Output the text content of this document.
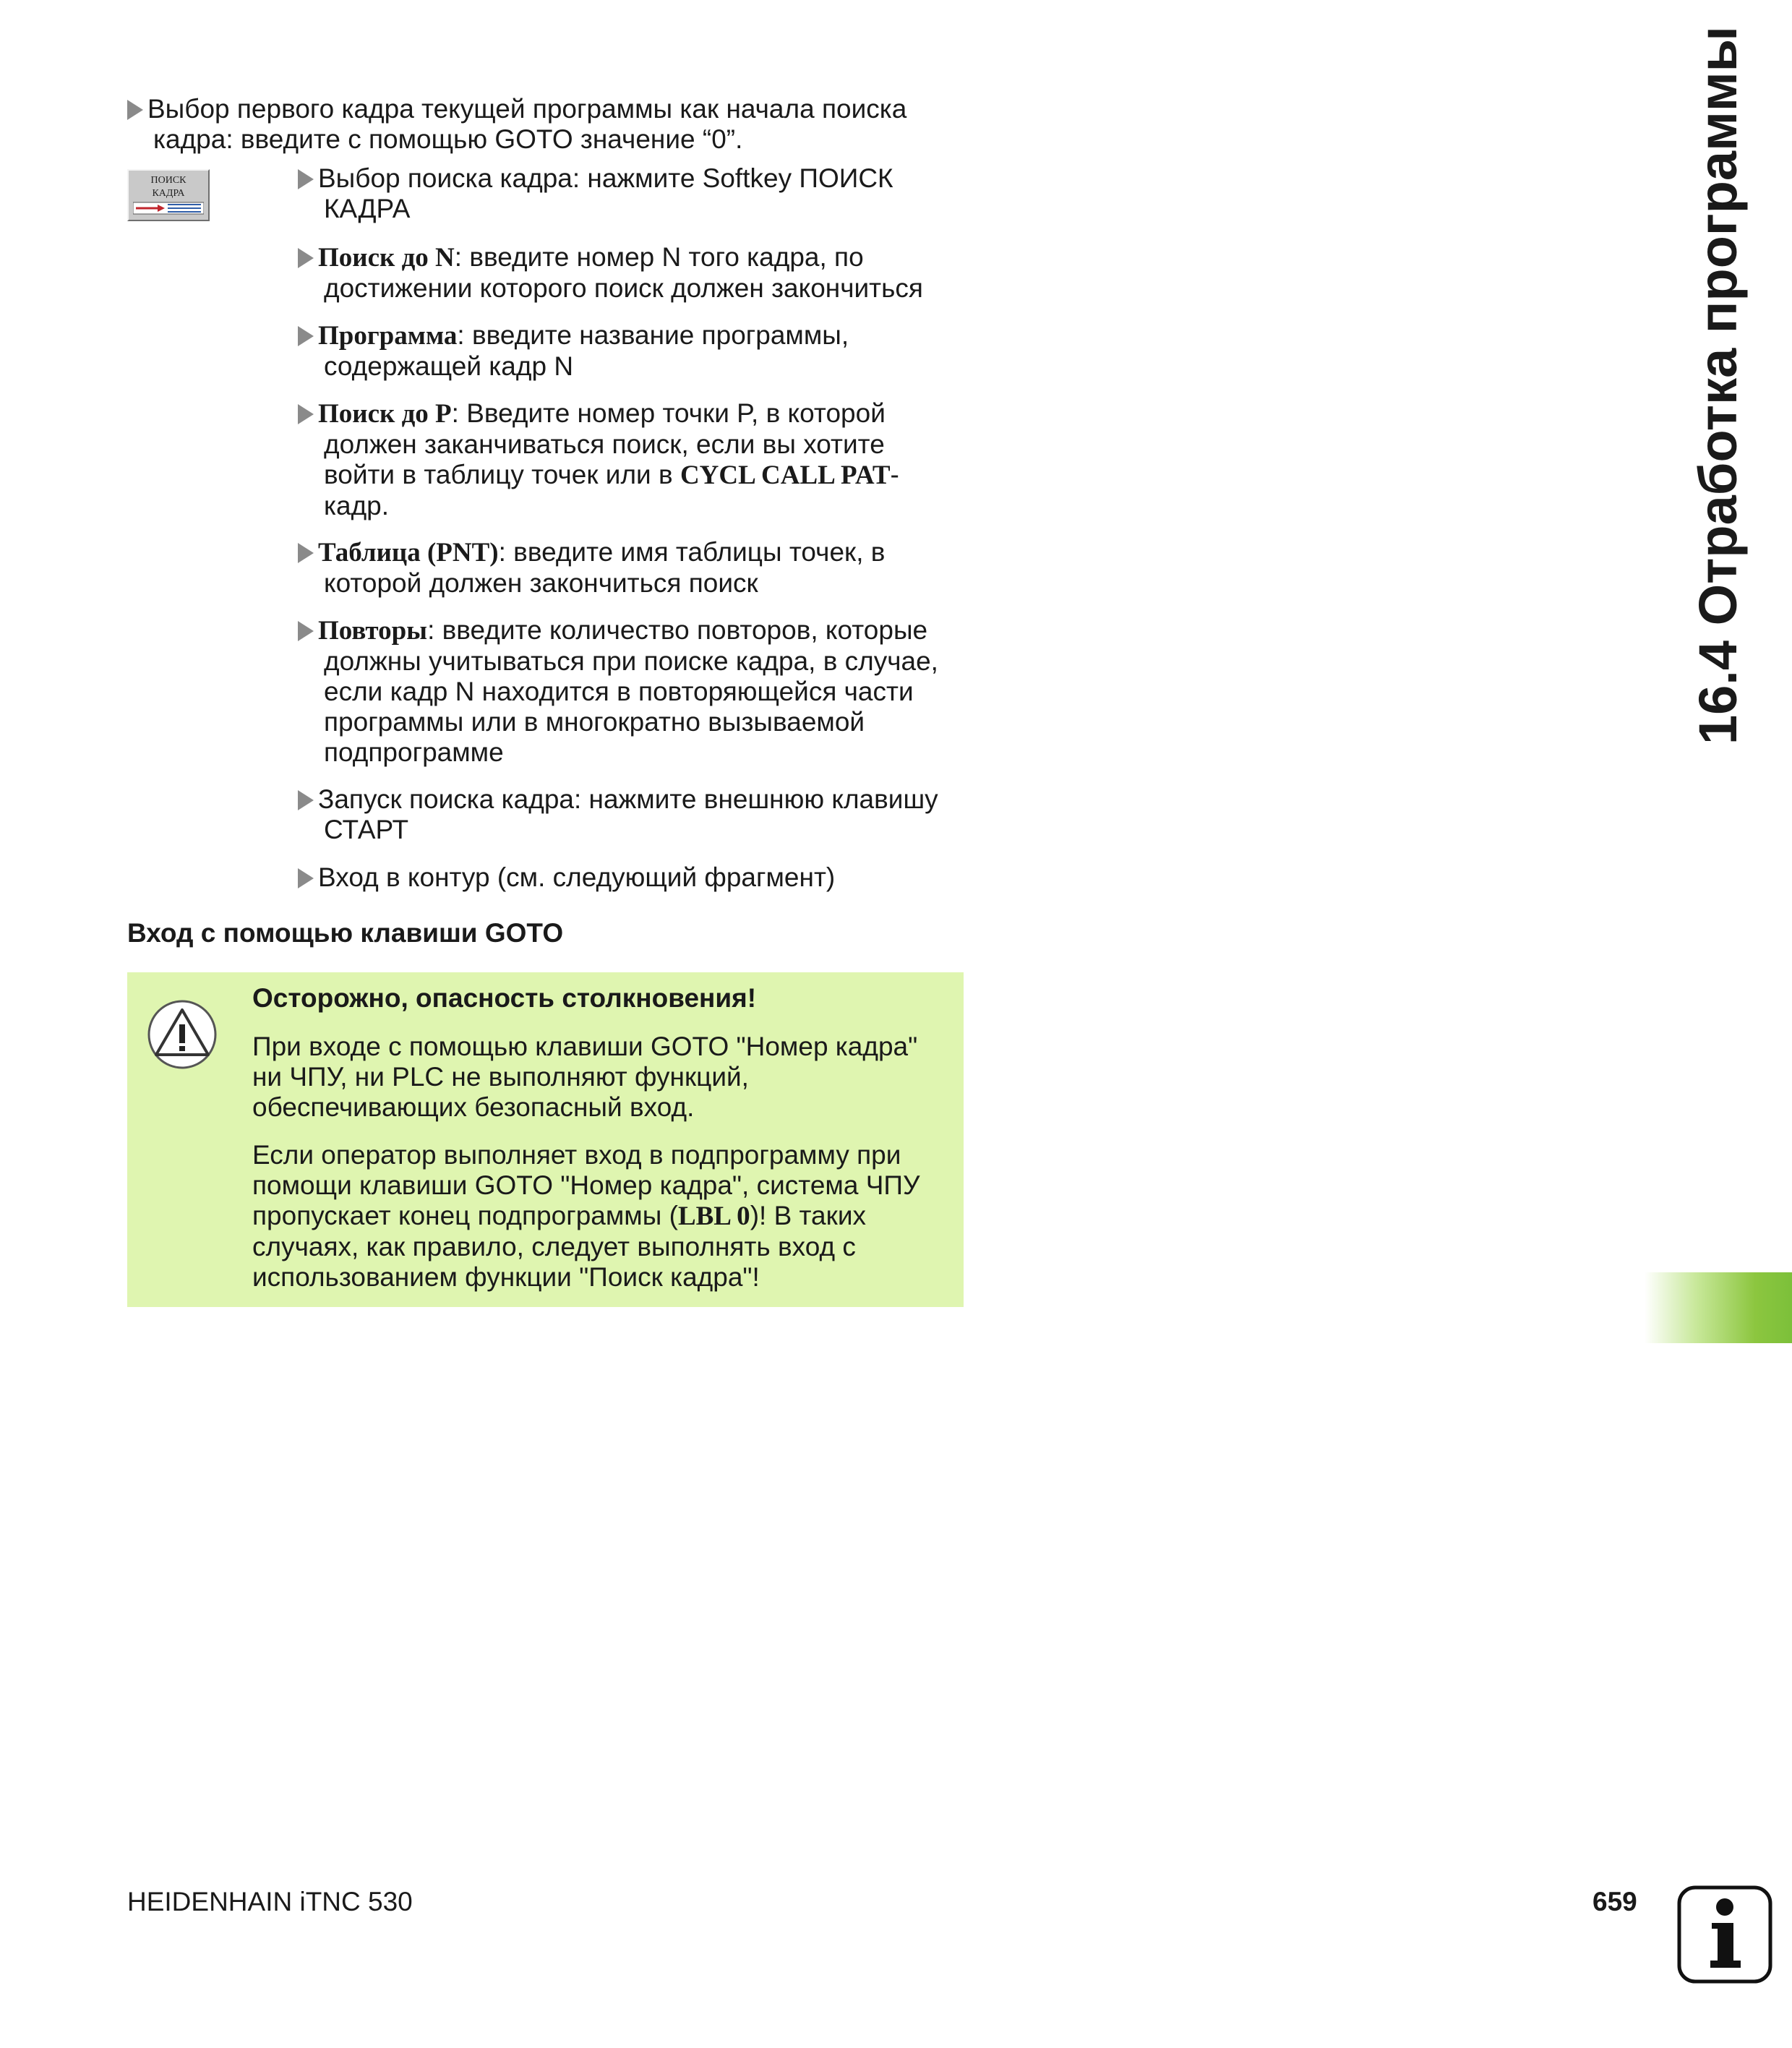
Выбор первого кадра текущей программы как начала поиска
кадра: введите с помощью GOTO значение “0”.
ПОИСК
КАДРА
Выбор поиска кадра: нажмите Softkey ПОИСК
КАДРА
Поиск до N: введите номер N того кадра, по
достижении которого поиск должен закончиться
Программа: введите название программы,
содержащей кадр N
Поиск до P: Введите номер точки P, в которой
должен заканчиваться поиск, если вы хотите
войти в таблицу точек или в CYCL CALL PAT-
кадр.
Таблица (PNT): введите имя таблицы точек, в
которой должен закончиться поиск
Повторы: введите количество повторов, которые
должны учитываться при поиске кадра, в случае,
если кадр N находится в повторяющейся части
программы или в многократно вызываемой
подпрограмме
Запуск поиска кадра: нажмите внешнюю клавишу
СТАРТ
Вход в контур (см. следующий фрагмент)
Вход с помощью клавиши GOTO
Осторожно, опасность столкновения!
При входе с помощью клавиши GOTO "Номер кадра"
ни ЧПУ, ни PLC не выполняют функций,
обеспечивающих безопасный вход.
Если оператор выполняет вход в подпрограмму при
помощи клавиши GOTO "Номер кадра", система ЧПУ
пропускает конец подпрограммы (LBL 0)! В таких
случаях, как правило, следует выполнять вход с
использованием функции "Поиск кадра"!
16.4 Отработка программы
HEIDENHAIN iTNC 530	659
